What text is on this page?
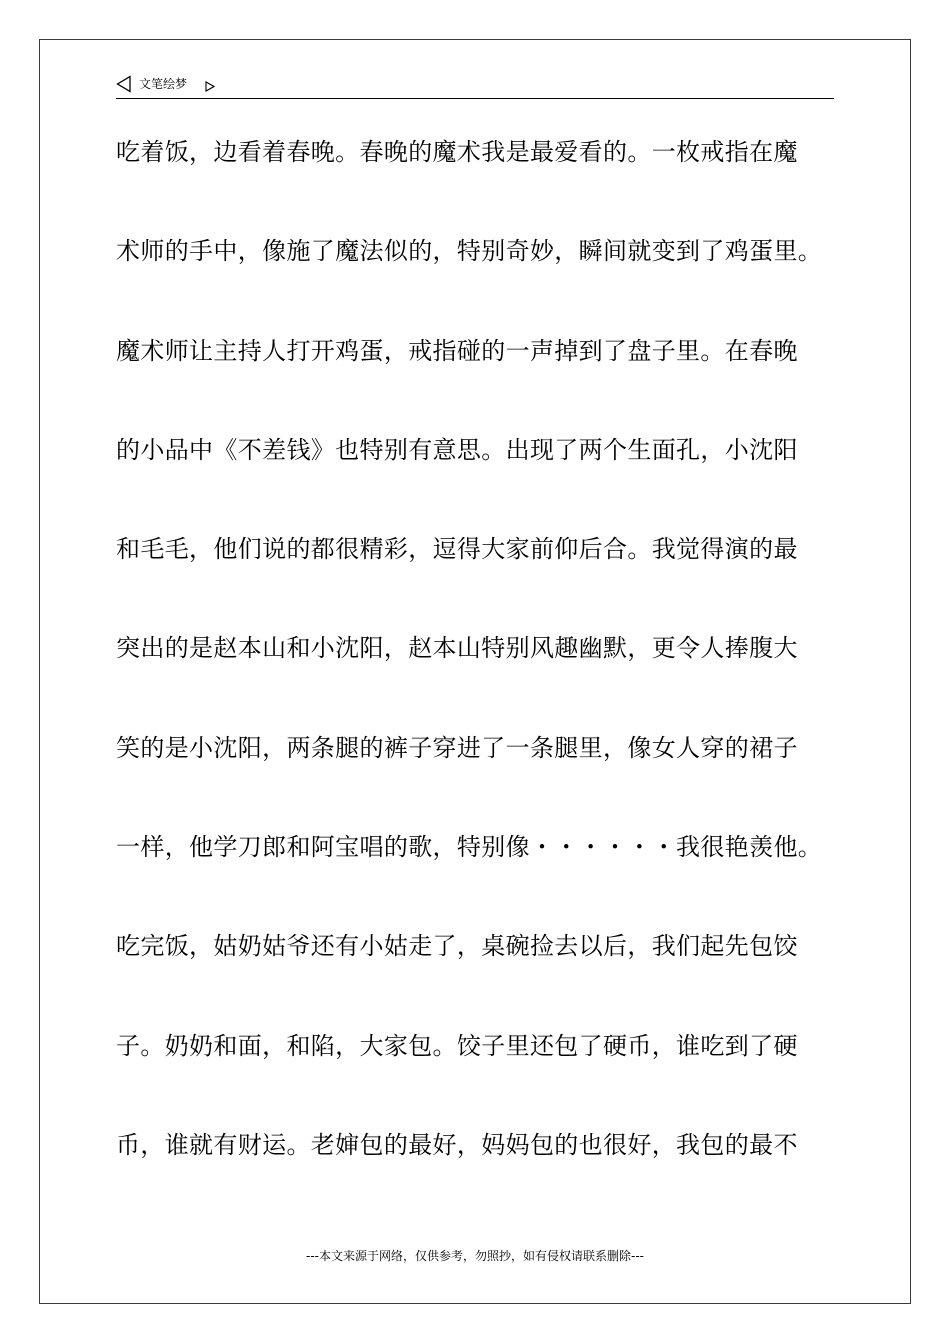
文笔绘梦
吃着饭，边看着春晚。春晚的魔术我是最爱看的。一枚戒指在魔
术师的手中，像施了魔法似的，特别奇妙，瞬间就变到了鸡蛋里。
魔术师让主持人打开鸡蛋，戒指碰的一声掉到了盘子里。在春晚
的小品中《不差钱》也特别有意思。出现了两个生面孔，小沈阳
和毛毛，他们说的都很精彩，逗得大家前仰后合。我觉得演的最
突出的是赵本山和小沈阳，赵本山特别风趣幽默，更令人捧腹大
笑的是小沈阳，两条腿的裤子穿进了一条腿里，像女人穿的裙子
一样，他学刀郎和阿宝唱的歌，特别像・・・・・・我很艳羡他。
吃完饭，姑奶姑爷还有小姑走了，桌碗捡去以后，我们起先包饺
子。奶奶和面，和陷，大家包。饺子里还包了硬币，谁吃到了硬
币，谁就有财运。老婶包的最好，妈妈包的也很好，我包的最不
---本文来源于网络，仅供参考，勿照抄，如有侵权请联系删除---
